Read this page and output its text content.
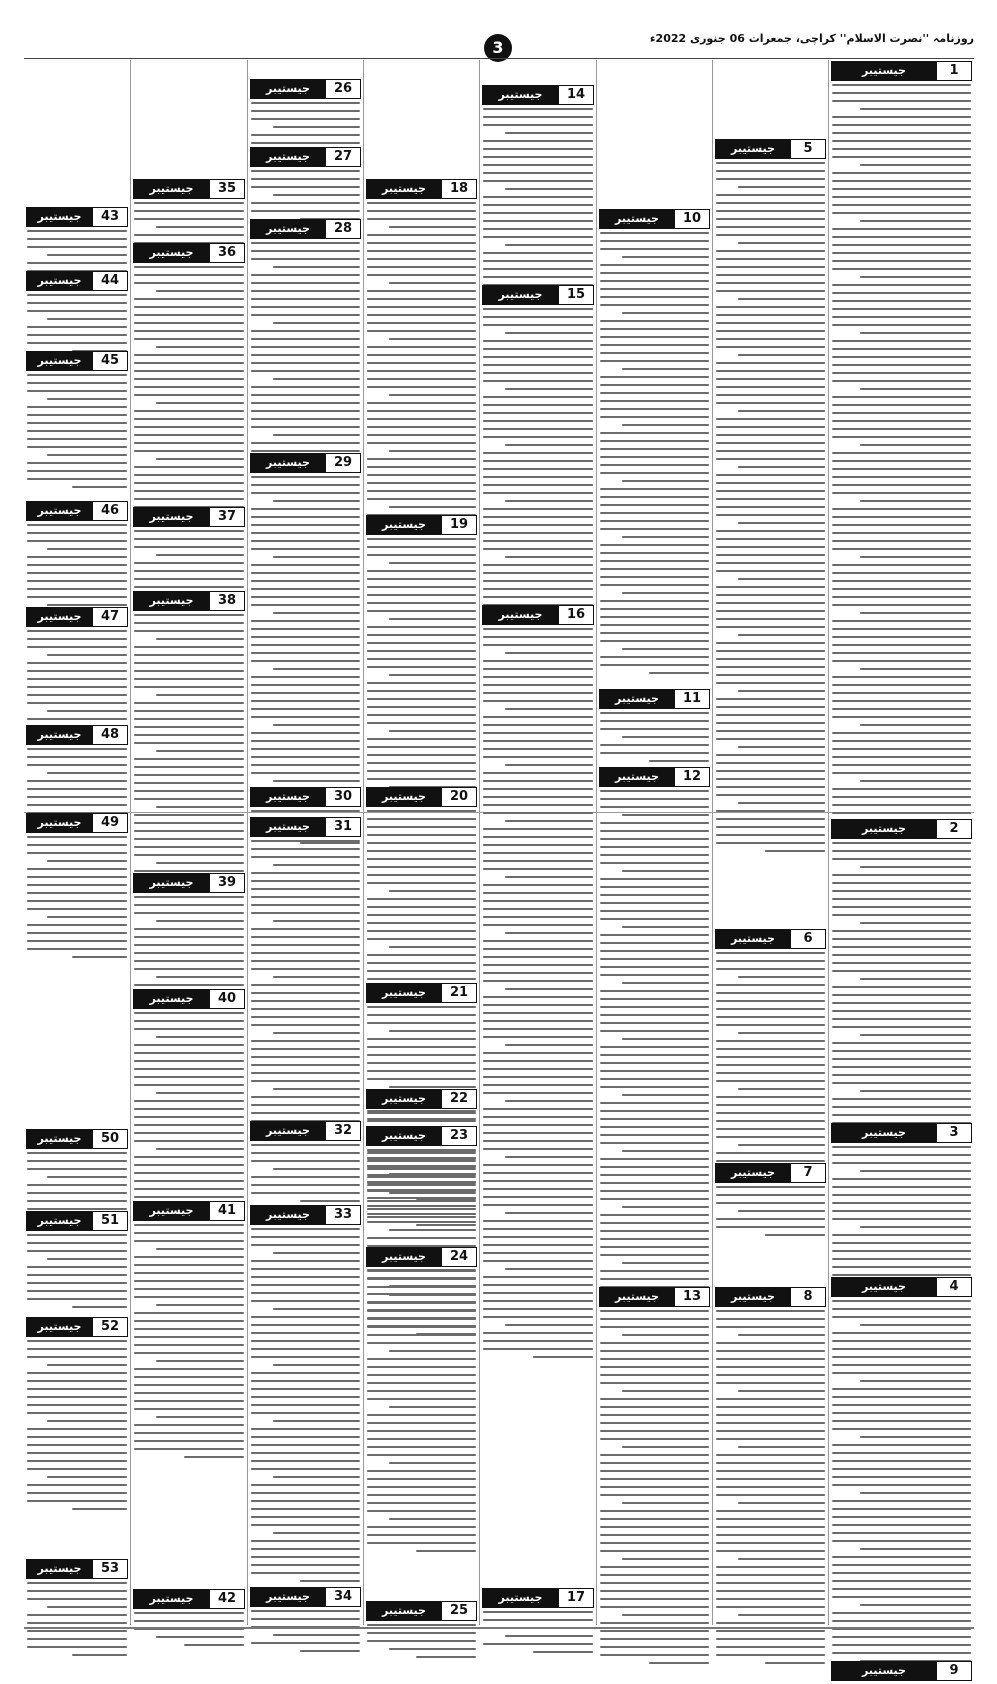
روزنامہ ''نصرت الاسلام'' کراچی، جمعرات 06 جنوری 2022ء
3
1
جیستیبر
2
جیستیبر
3
جیستیبر
4
جیستیبر
9
جیستیبر
5
جیستیبر
6
جیستیبر
7
جیستیبر
8
جیستیبر
10
جیستیبر
11
جیستیبر
12
جیستیبر
13
جیستیبر
14
جیستیبر
15
جیستیبر
16
جیستیبر
17
جیستیبر
18
جیستیبر
19
جیستیبر
20
جیستیبر
21
جیستیبر
22
جیستیبر
23
جیستیبر
24
جیستیبر
25
جیستیبر
26
جیستیبر
27
جیستیبر
28
جیستیبر
29
جیستیبر
30
جیستیبر
31
جیستیبر
32
جیستیبر
33
جیستیبر
34
جیستیبر
35
جیستیبر
36
جیستیبر
37
جیستیبر
38
جیستیبر
39
جیستیبر
40
جیستیبر
41
جیستیبر
42
جیستیبر
43
جیستیبر
44
جیستیبر
45
جیستیبر
46
جیستیبر
47
جیستیبر
48
جیستیبر
49
جیستیبر
50
جیستیبر
51
جیستیبر
52
جیستیبر
53
جیستیبر
